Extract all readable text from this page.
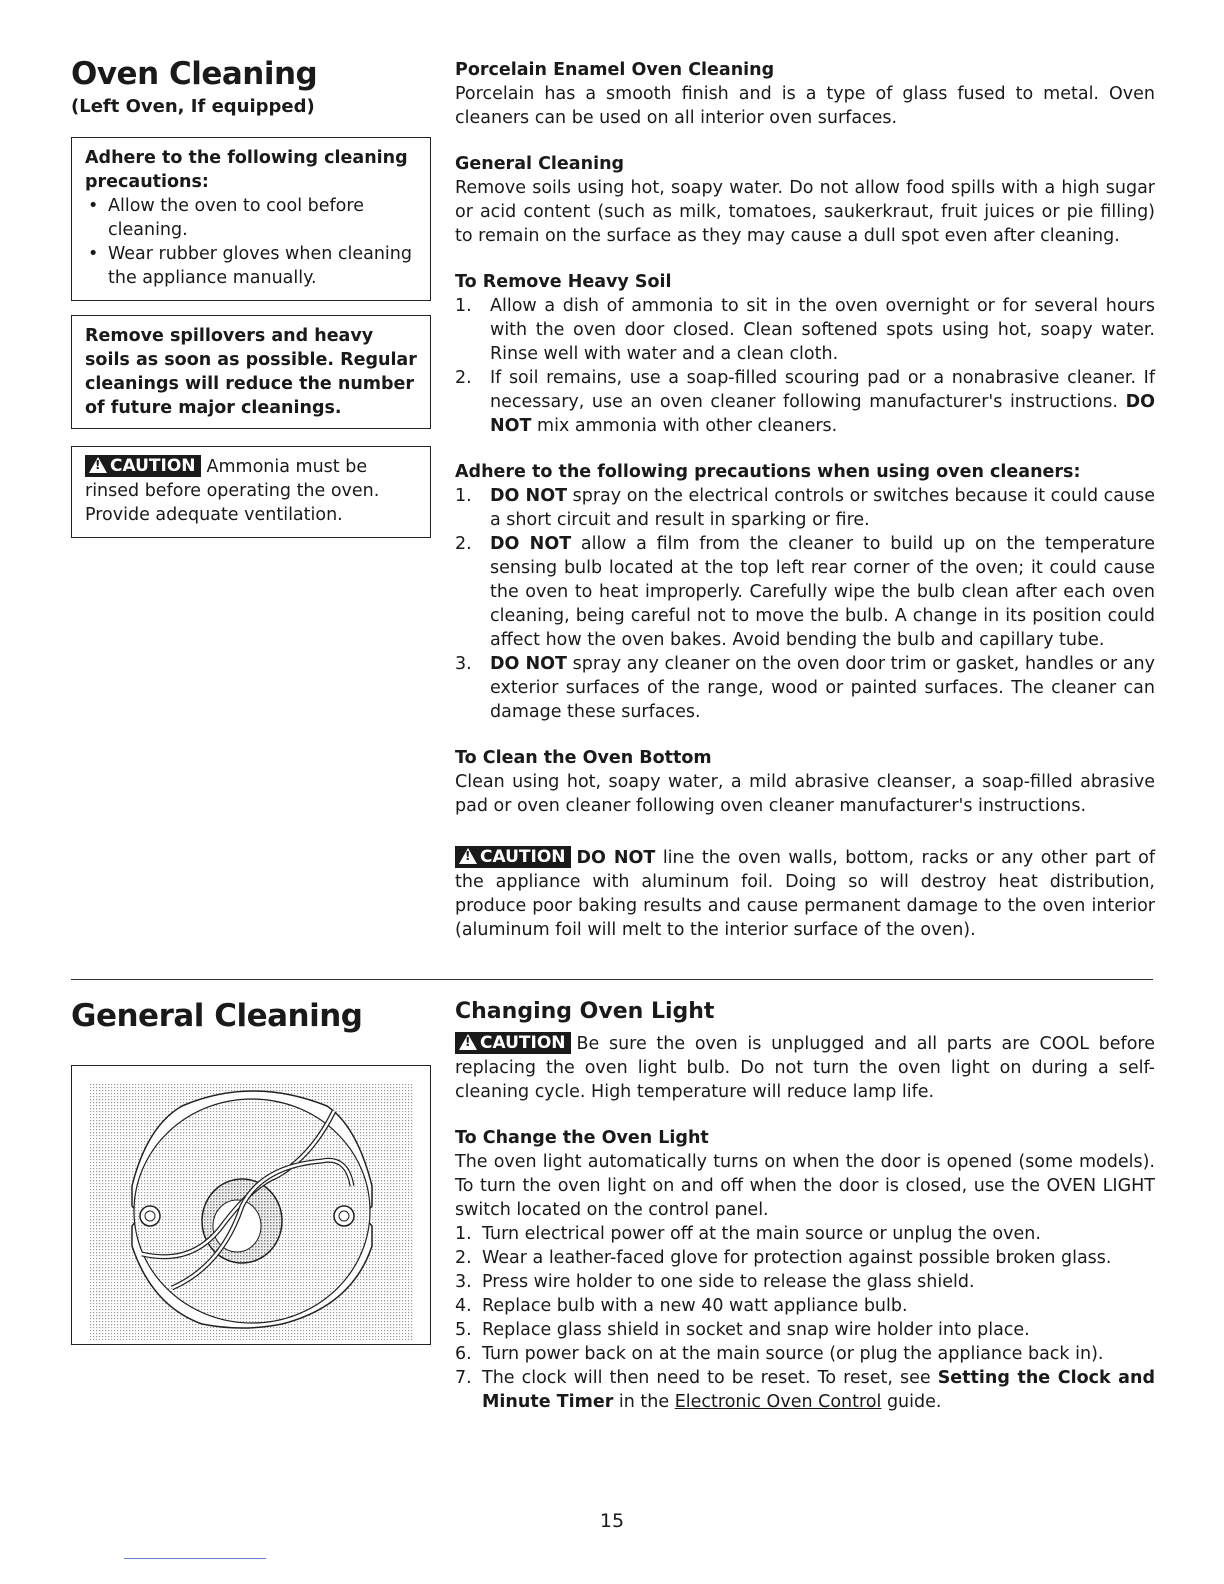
Oven Cleaning

(Left Oven, If equipped)

Adhere to the following cleaning precautions:
• Allow the oven to cool before cleaning.
• Wear rubber gloves when cleaning the appliance manually.
Remove spillovers and heavy soils as soon as possible. Regular cleanings will reduce the number of future major cleanings.
!CAUTION Ammonia must be rinsed before operating the oven. Provide adequate ventilation.

Porcelain Enamel Oven Cleaning

Porcelain has a smooth finish and is a type of glass fused to metal. Oven cleaners can be used on all interior oven surfaces.

General Cleaning

Remove soils using hot, soapy water. Do not allow food spills with a high sugar or acid content (such as milk, tomatoes, saukerkraut, fruit juices or pie filling) to remain on the surface as they may cause a dull spot even after cleaning.

To Remove Heavy Soil

1. Allow a dish of ammonia to sit in the oven overnight or for several hours with the oven door closed. Clean softened spots using hot, soapy water. Rinse well with water and a clean cloth.
2. If soil remains, use a soap-filled scouring pad or a nonabrasive cleaner. If necessary, use an oven cleaner following manufacturer's instructions. DO NOT mix ammonia with other cleaners.

Adhere to the following precautions when using oven cleaners:

1. DO NOT spray on the electrical controls or switches because it could cause a short circuit and result in sparking or fire.
2. DO NOT allow a film from the cleaner to build up on the temperature sensing bulb located at the top left rear corner of the oven; it could cause the oven to heat improperly. Carefully wipe the bulb clean after each oven cleaning, being careful not to move the bulb. A change in its position could affect how the oven bakes. Avoid bending the bulb and capillary tube.
3. DO NOT spray any cleaner on the oven door trim or gasket, handles or any exterior surfaces of the range, wood or painted surfaces. The cleaner can damage these surfaces.

To Clean the Oven Bottom

Clean using hot, soapy water, a mild abrasive cleanser, a soap-filled abrasive pad or oven cleaner following oven cleaner manufacturer's instructions.

!CAUTION DO NOT line the oven walls, bottom, racks or any other part of the appliance with aluminum foil. Doing so will destroy heat distribution, produce poor baking results and cause permanent damage to the oven interior (aluminum foil will melt to the interior surface of the oven).

General Cleaning	Changing Oven Light

!CAUTION Be sure the oven is unplugged and all parts are COOL before replacing the oven light bulb. Do not turn the oven light on during a self-cleaning cycle. High temperature will reduce lamp life.

To Change the Oven Light

The oven light automatically turns on when the door is opened (some models). To turn the oven light on and off when the door is closed, use the OVEN LIGHT switch located on the control panel.

1. Turn electrical power off at the main source or unplug the oven.
2. Wear a leather-faced glove for protection against possible broken glass.
3. Press wire holder to one side to release the glass shield.
4. Replace bulb with a new 40 watt appliance bulb.
5. Replace glass shield in socket and snap wire holder into place.
6. Turn power back on at the main source (or plug the appliance back in).
7. The clock will then need to be reset. To reset, see Setting the Clock and Minute Timer in the Electronic Oven Control guide.
15
